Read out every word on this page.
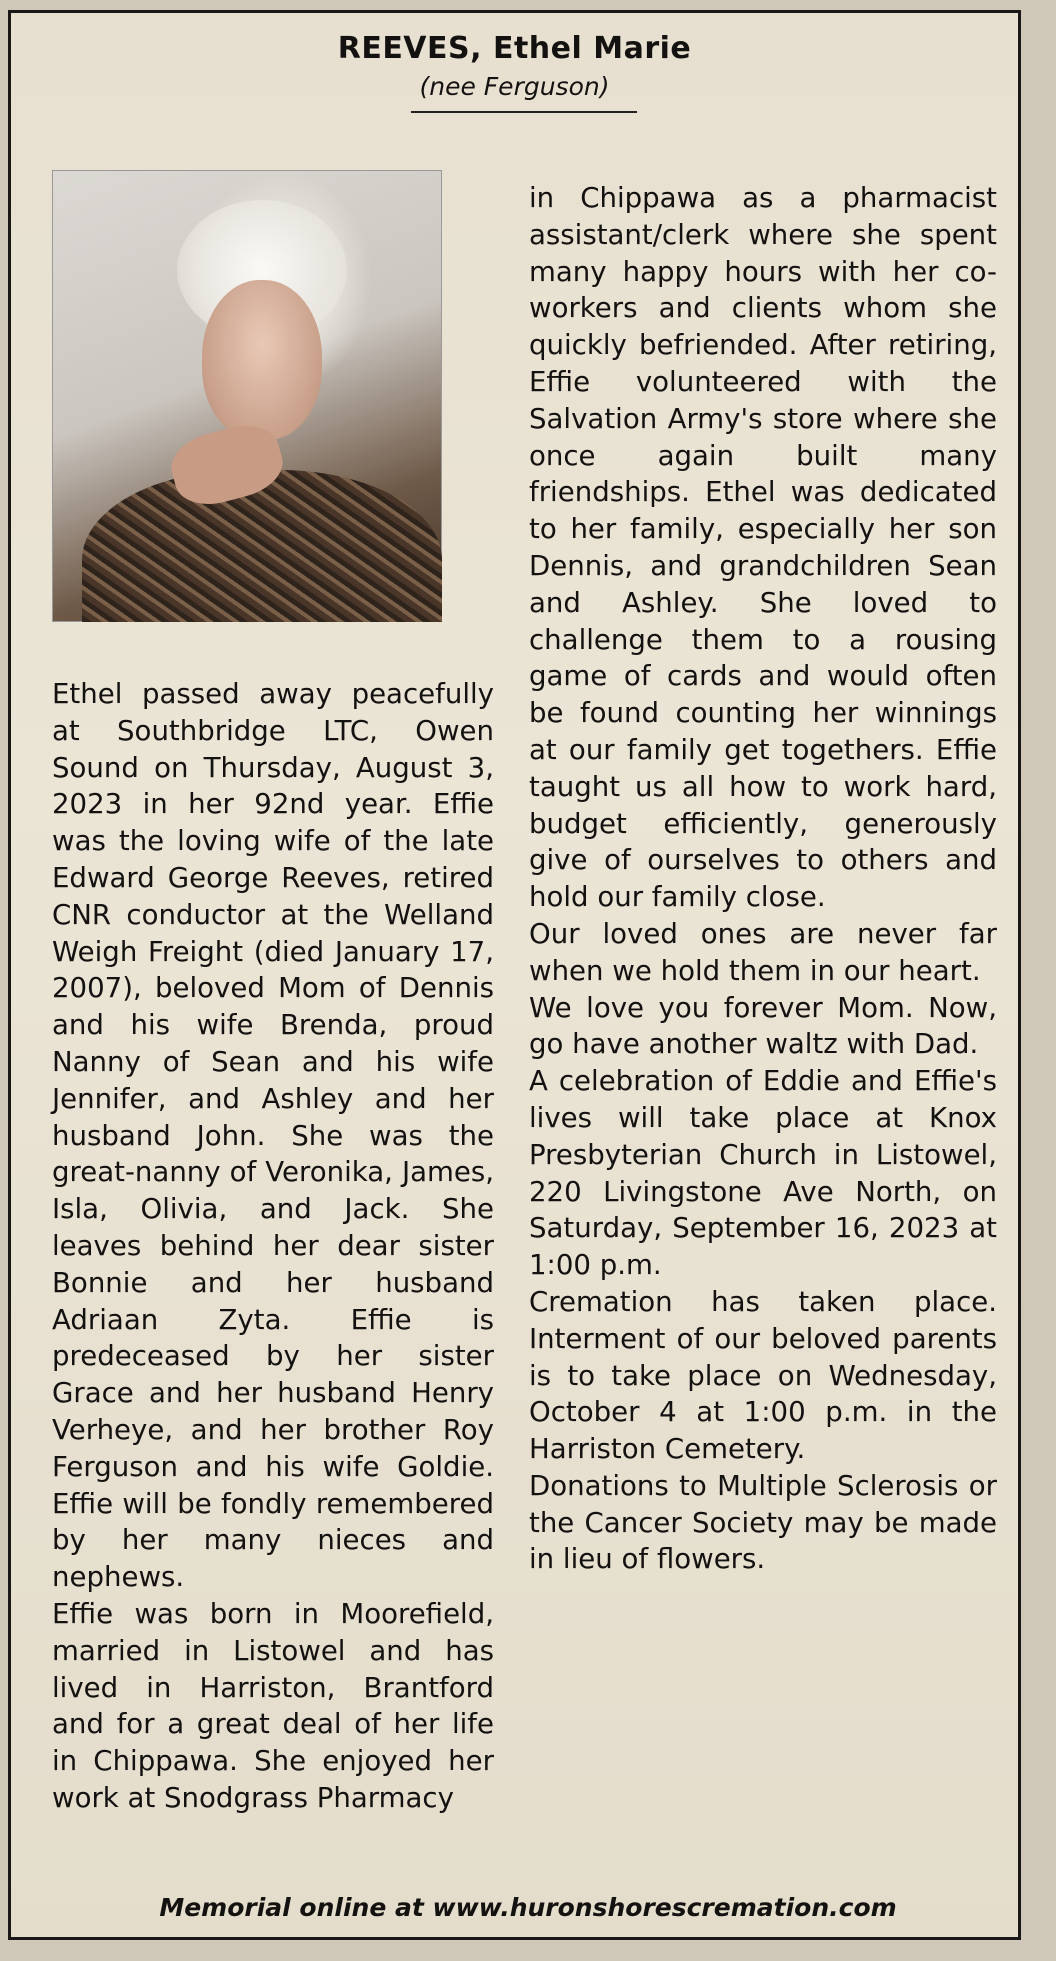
REEVES, Ethel Marie
(nee Ferguson)

Ethel passed away peacefully at Southbridge LTC, Owen Sound on Thursday, August 3, 2023 in her 92nd year. Effie was the loving wife of the late Edward George Reeves, retired CNR conductor at the Welland Weigh Freight (died January 17, 2007), beloved Mom of Dennis and his wife Brenda, proud Nanny of Sean and his wife Jennifer, and Ashley and her husband John. She was the great-nanny of Veronika, James, Isla, Olivia, and Jack. She leaves behind her dear sister Bonnie and her husband Adriaan Zyta. Effie is predeceased by her sister Grace and her husband Henry Verheye, and her brother Roy Ferguson and his wife Goldie. Effie will be fondly remembered by her many nieces and nephews.

Effie was born in Moorefield, married in Listowel and has lived in Harriston, Brantford and for a great deal of her life in Chippawa. She enjoyed her work at Snodgrass Pharmacy

in Chippawa as a pharmacist assistant/clerk where she spent many happy hours with her co-workers and clients whom she quickly befriended. After retiring, Effie volunteered with the Salvation Army's store where she once again built many friendships. Ethel was dedicated to her family, especially her son Dennis, and grandchildren Sean and Ashley. She loved to challenge them to a rousing game of cards and would often be found counting her winnings at our family get togethers. Effie taught us all how to work hard, budget efficiently, generously give of ourselves to others and hold our family close.

Our loved ones are never far when we hold them in our heart.

We love you forever Mom. Now, go have another waltz with Dad.

A celebration of Eddie and Effie's lives will take place at Knox Presbyterian Church in Listowel, 220 Livingstone Ave North, on Saturday, September 16, 2023 at 1:00 p.m.

Cremation has taken place. Interment of our beloved parents is to take place on Wednesday, October 4 at 1:00 p.m. in the Harriston Cemetery.

Donations to Multiple Sclerosis or the Cancer Society may be made in lieu of flowers.

Memorial online at www.huronshorescremation.com
